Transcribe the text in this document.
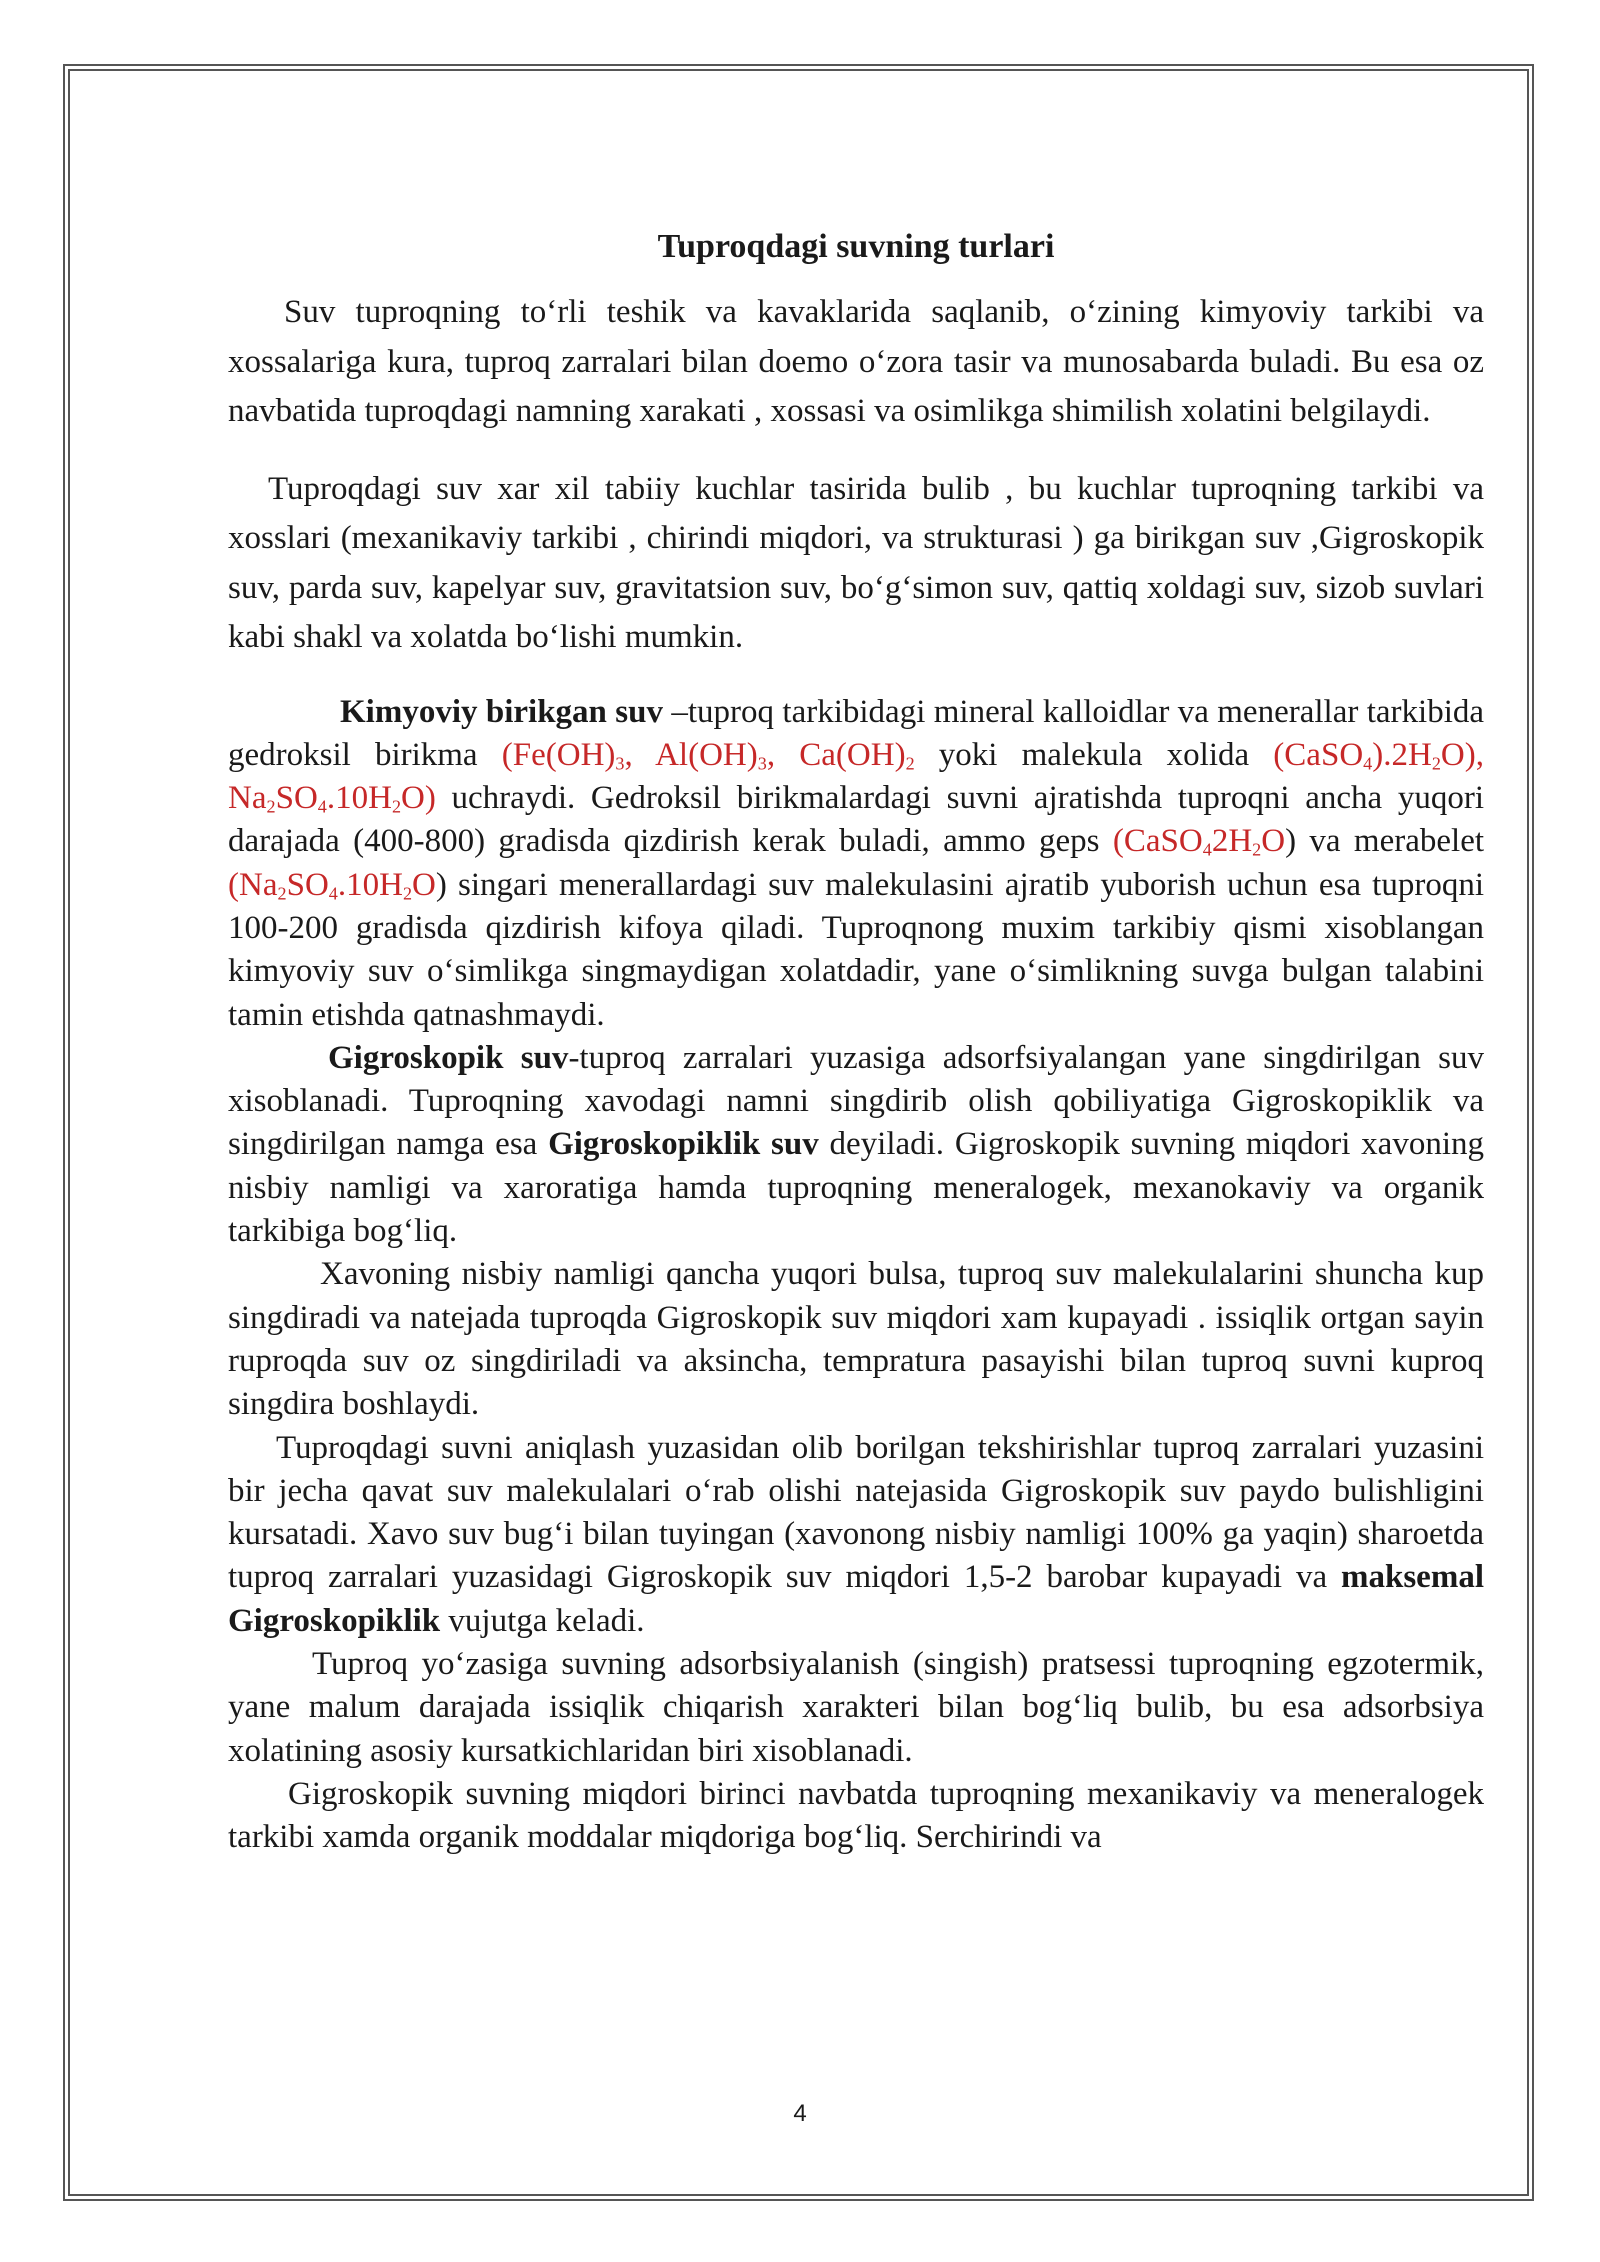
Tuproqdagi suvning turlari

Suv tuproqning to‘rli teshik va kavaklarida saqlanib, o‘zining kimyoviy tarkibi va xossalariga kura, tuproq zarralari bilan doemo o‘zora tasir va munosabarda buladi. Bu esa oz navbatida tuproqdagi namning xarakati , xossasi va osimlikga shimilish xolatini belgilaydi.

Tuproqdagi suv xar xil tabiiy kuchlar tasirida bulib , bu kuchlar tuproqning tarkibi va xosslari (mexanikaviy tarkibi , chirindi miqdori, va strukturasi ) ga birikgan suv ,Gigroskopik suv, parda suv, kapelyar suv, gravitatsion suv, bo‘g‘simon suv, qattiq xoldagi suv, sizob suvlari kabi shakl va xolatda bo‘lishi mumkin.

Kimyoviy birikgan suv –tuproq tarkibidagi mineral kalloidlar va menerallar tarkibida gedroksil birikma ($Fe(OH)_3$, $Al(OH)_3$, $Ca(OH)_2$ yoki malekula xolida $(CaSO_4).2H_2O$), $Na_2SO_4.10H_2O$) uchraydi. Gedroksil birikmalardagi suvni ajratishda tuproqni ancha yuqori darajada (400-800) gradisda qizdirish kerak buladi, ammo geps $(CaSO_42H_2O)$ va merabelet $(Na_2SO_4.10H_2O)$ singari menerallardagi suv malekulasini ajratib yuborish uchun esa tuproqni 100-200 gradisda qizdirish kifoya qiladi. Tuproqnong muxim tarkibiy qismi xisoblangan kimyoviy suv o‘simlikga singmaydigan xolatdadir, yane o‘simlikning suvga bulgan talabini tamin etishda qatnashmaydi.

Gigroskopik suv-tuproq zarralari yuzasiga adsorfsiyalangan yane singdirilgan suv xisoblanadi. Tuproqning xavodagi namni singdirib olish qobiliyatiga Gigroskopiklik va singdirilgan namga esa Gigroskopiklik suv deyiladi. Gigroskopik suvning miqdori xavoning nisbiy namligi va xaroratiga hamda tuproqning meneralogek, mexanokaviy va organik tarkibiga bog‘liq.

Xavoning nisbiy namligi qancha yuqori bulsa, tuproq suv malekulalarini shuncha kup singdiradi va natejada tuproqda Gigroskopik suv miqdori xam kupayadi . issiqlik ortgan sayin ruproqda suv oz singdiriladi va aksincha, tempratura pasayishi bilan tuproq suvni kuproq singdira boshlaydi.

Tuproqdagi suvni aniqlash yuzasidan olib borilgan tekshirishlar tuproq zarralari yuzasini bir jecha qavat suv malekulalari o‘rab olishi natejasida Gigroskopik suv paydo bulishligini kursatadi. Xavo suv bug‘i bilan tuyingan (xavonong nisbiy namligi 100% ga yaqin) sharoetda tuproq zarralari yuzasidagi Gigroskopik suv miqdori 1,5-2 barobar kupayadi va maksemal Gigroskopiklik vujutga keladi.

Tuproq yo‘zasiga suvning adsorbsiyalanish (singish) pratsessi tuproqning egzotermik, yane malum darajada issiqlik chiqarish xarakteri bilan bog‘liq bulib, bu esa adsorbsiya xolatining asosiy kursatkichlaridan biri xisoblanadi.

Gigroskopik suvning miqdori birinci navbatda tuproqning mexanikaviy va meneralogek tarkibi xamda organik moddalar miqdoriga bog‘liq. Serchirindi va

4
